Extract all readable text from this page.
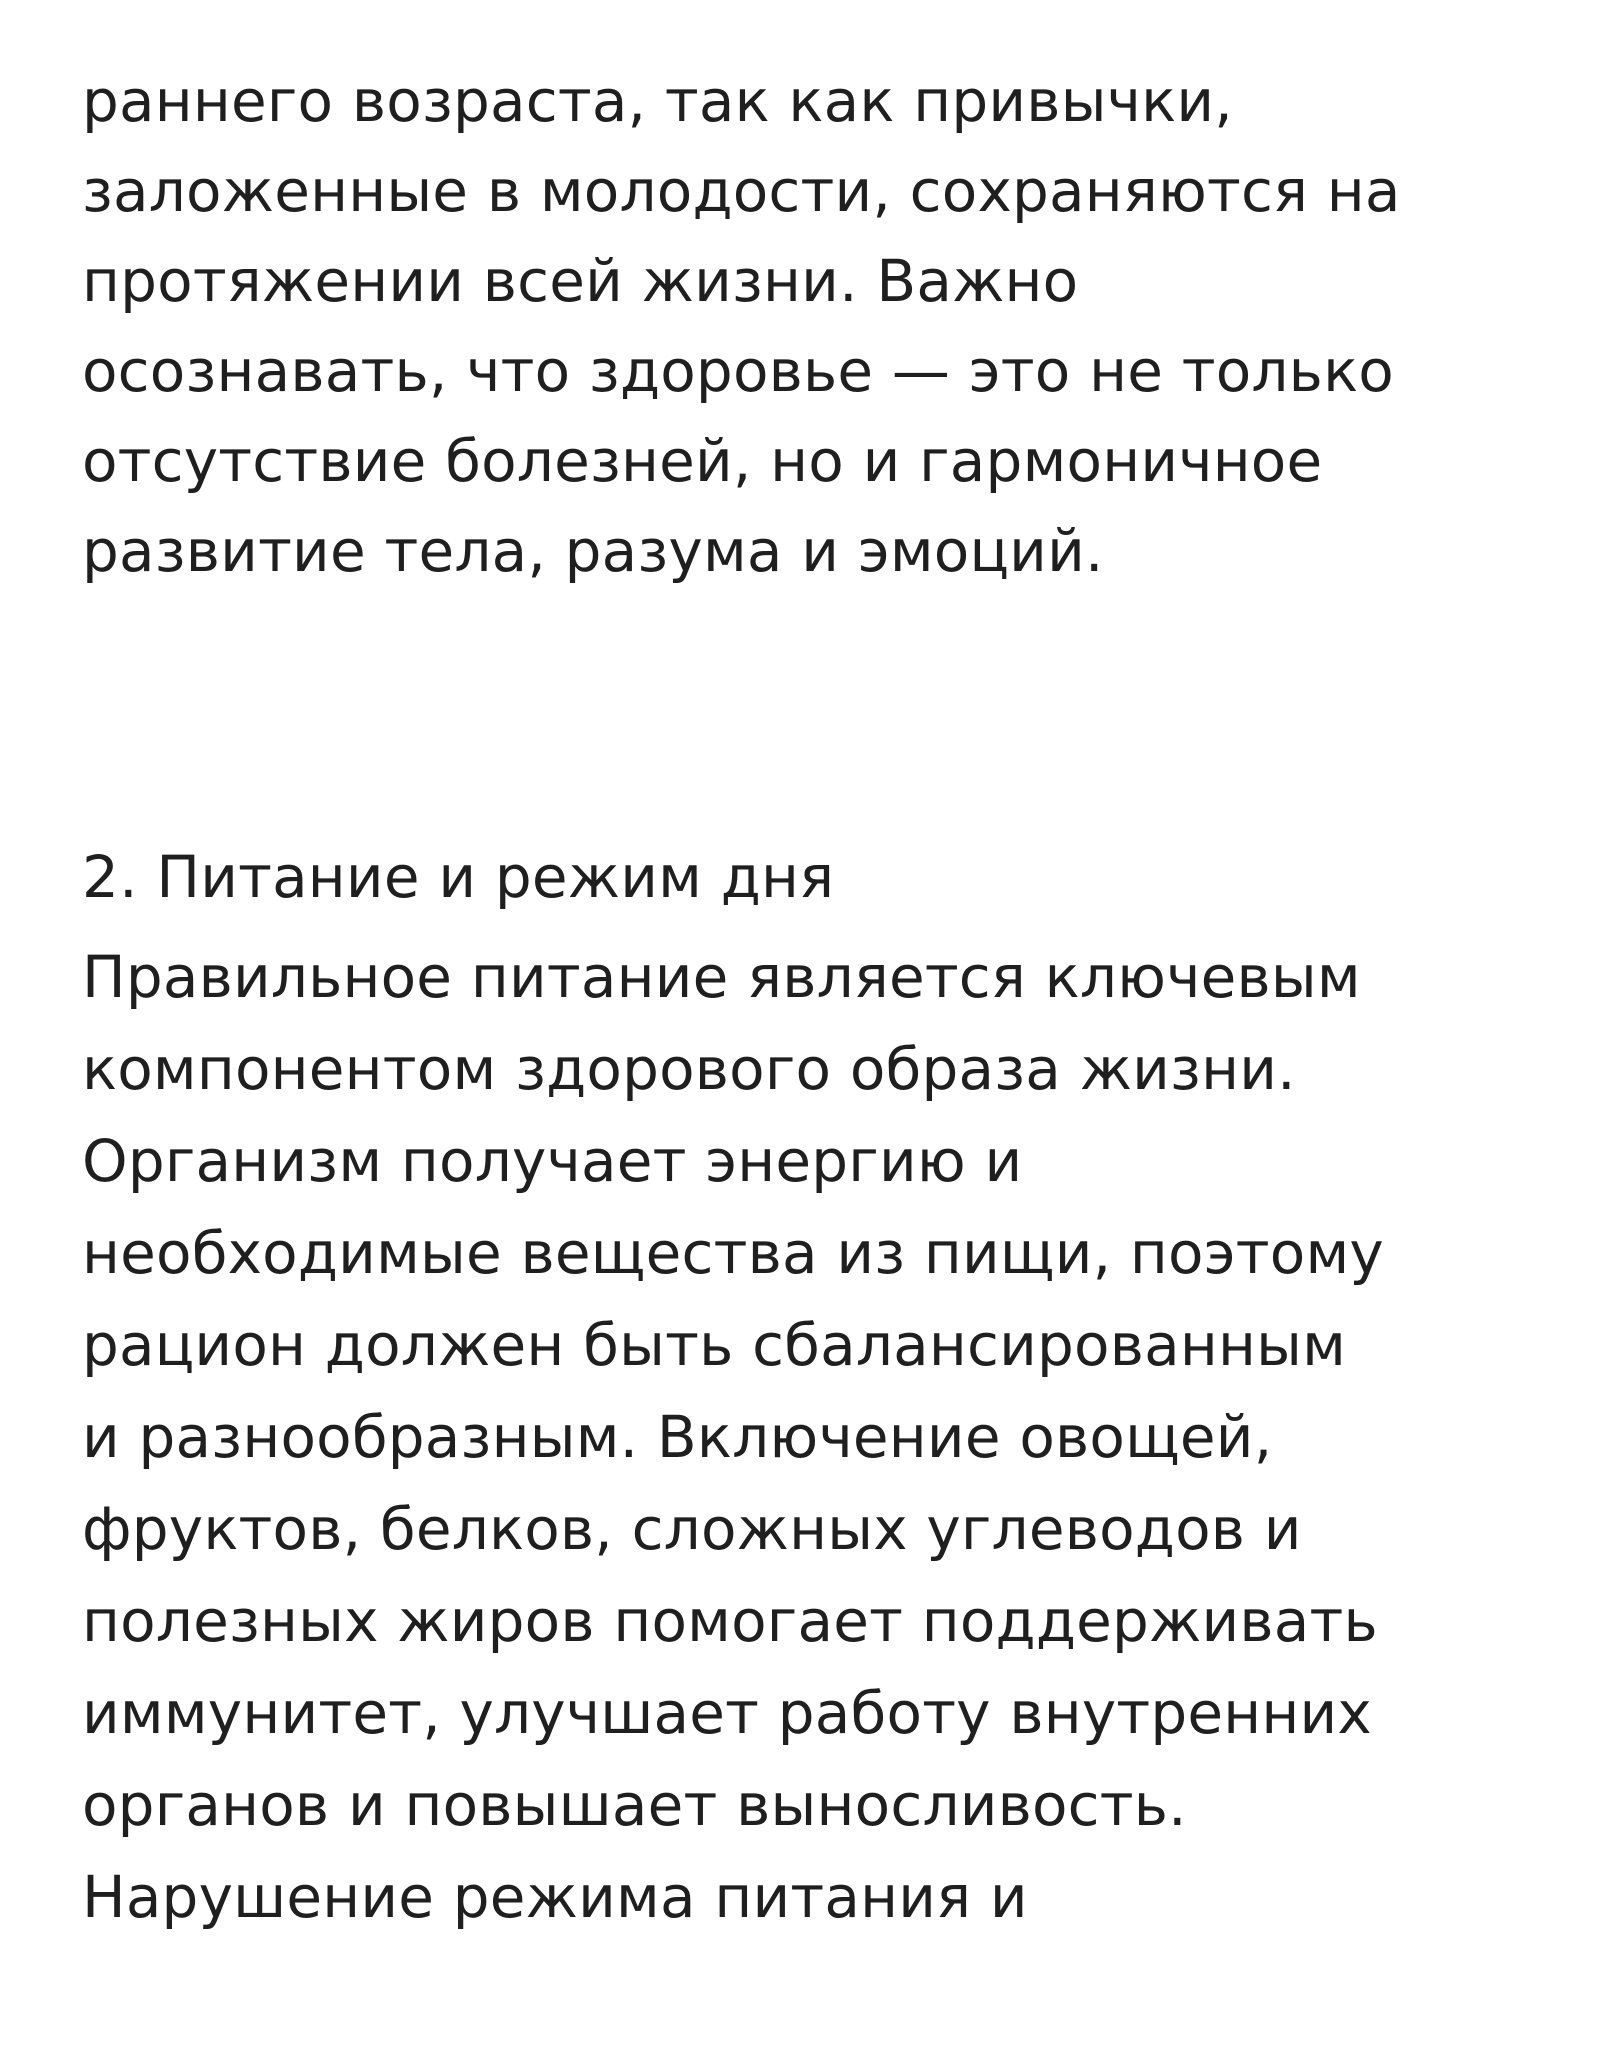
раннего возраста, так как привычки,

заложенные в молодости, сохраняются на

протяжении всей жизни. Важно

осознавать, что здоровье — это не только

отсутствие болезней, но и гармоничное

развитие тела, разума и эмоций.

2. Питание и режим дня

Правильное питание является ключевым

компонентом здорового образа жизни.

Организм получает энергию и

необходимые вещества из пищи, поэтому

рацион должен быть сбалансированным

и разнообразным. Включение овощей,

фруктов, белков, сложных углеводов и

полезных жиров помогает поддерживать

иммунитет, улучшает работу внутренних

органов и повышает выносливость.

Нарушение режима питания и
